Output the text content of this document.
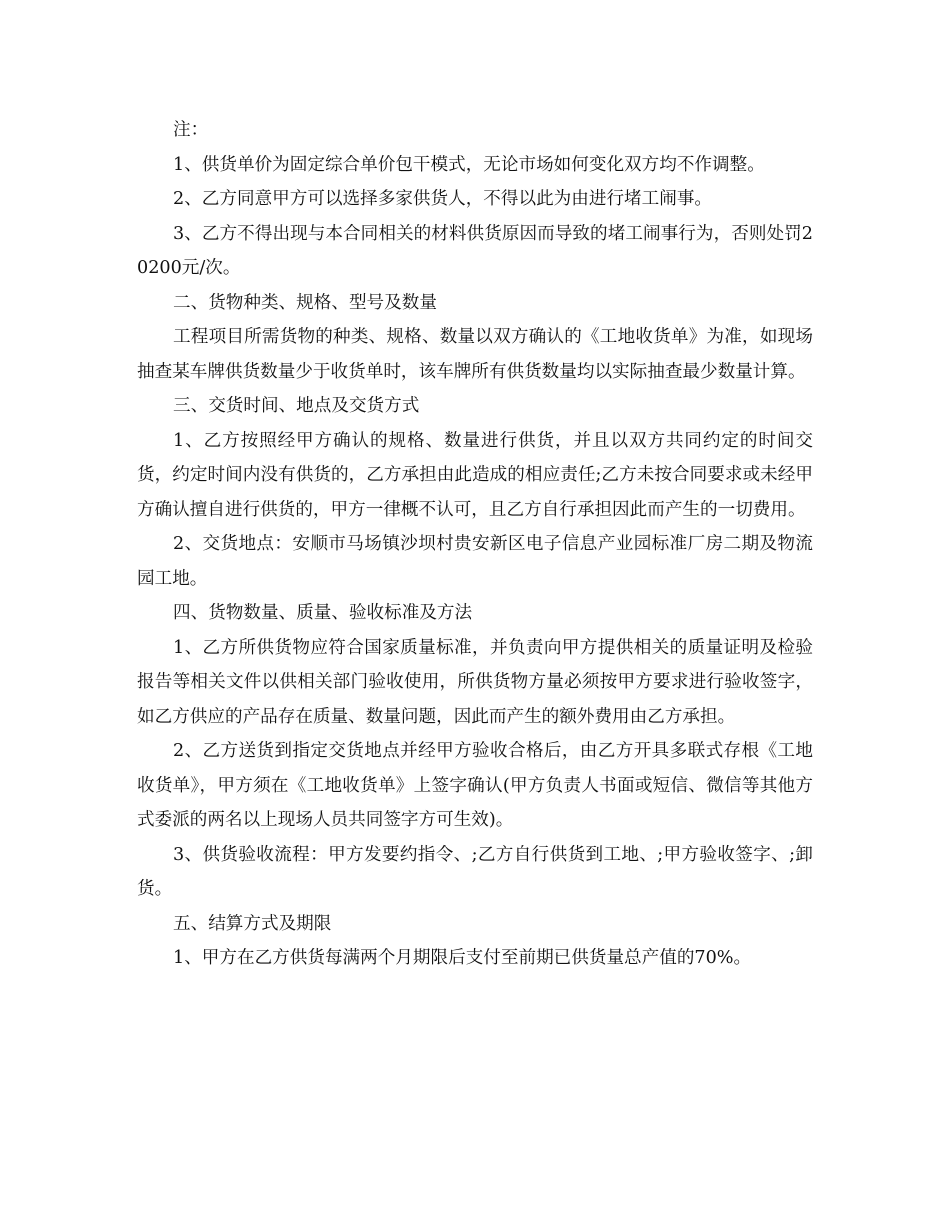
注：

1、供货单价为固定综合单价包干模式，无论市场如何变化双方均不作调整。

2、乙方同意甲方可以选择多家供货人，不得以此为由进行堵工闹事。

3、乙方不得出现与本合同相关的材料供货原因而导致的堵工闹事行为，否则处罚20200元/次。

二、货物种类、规格、型号及数量

工程项目所需货物的种类、规格、数量以双方确认的《工地收货单》为准，如现场抽查某车牌供货数量少于收货单时，该车牌所有供货数量均以实际抽查最少数量计算。

三、交货时间、地点及交货方式

1、乙方按照经甲方确认的规格、数量进行供货，并且以双方共同约定的时间交货，约定时间内没有供货的，乙方承担由此造成的相应责任;乙方未按合同要求或未经甲方确认擅自进行供货的，甲方一律概不认可，且乙方自行承担因此而产生的一切费用。

2、交货地点：安顺市马场镇沙坝村贵安新区电子信息产业园标准厂房二期及物流园工地。

四、货物数量、质量、验收标准及方法

1、乙方所供货物应符合国家质量标准，并负责向甲方提供相关的质量证明及检验报告等相关文件以供相关部门验收使用，所供货物方量必须按甲方要求进行验收签字，如乙方供应的产品存在质量、数量问题，因此而产生的额外费用由乙方承担。

2、乙方送货到指定交货地点并经甲方验收合格后，由乙方开具多联式存根《工地收货单》，甲方须在《工地收货单》上签字确认(甲方负责人书面或短信、微信等其他方式委派的两名以上现场人员共同签字方可生效)。

3、供货验收流程：甲方发要约指令、;乙方自行供货到工地、;甲方验收签字、;卸货。

五、结算方式及期限

1、甲方在乙方供货每满两个月期限后支付至前期已供货量总产值的70%。
